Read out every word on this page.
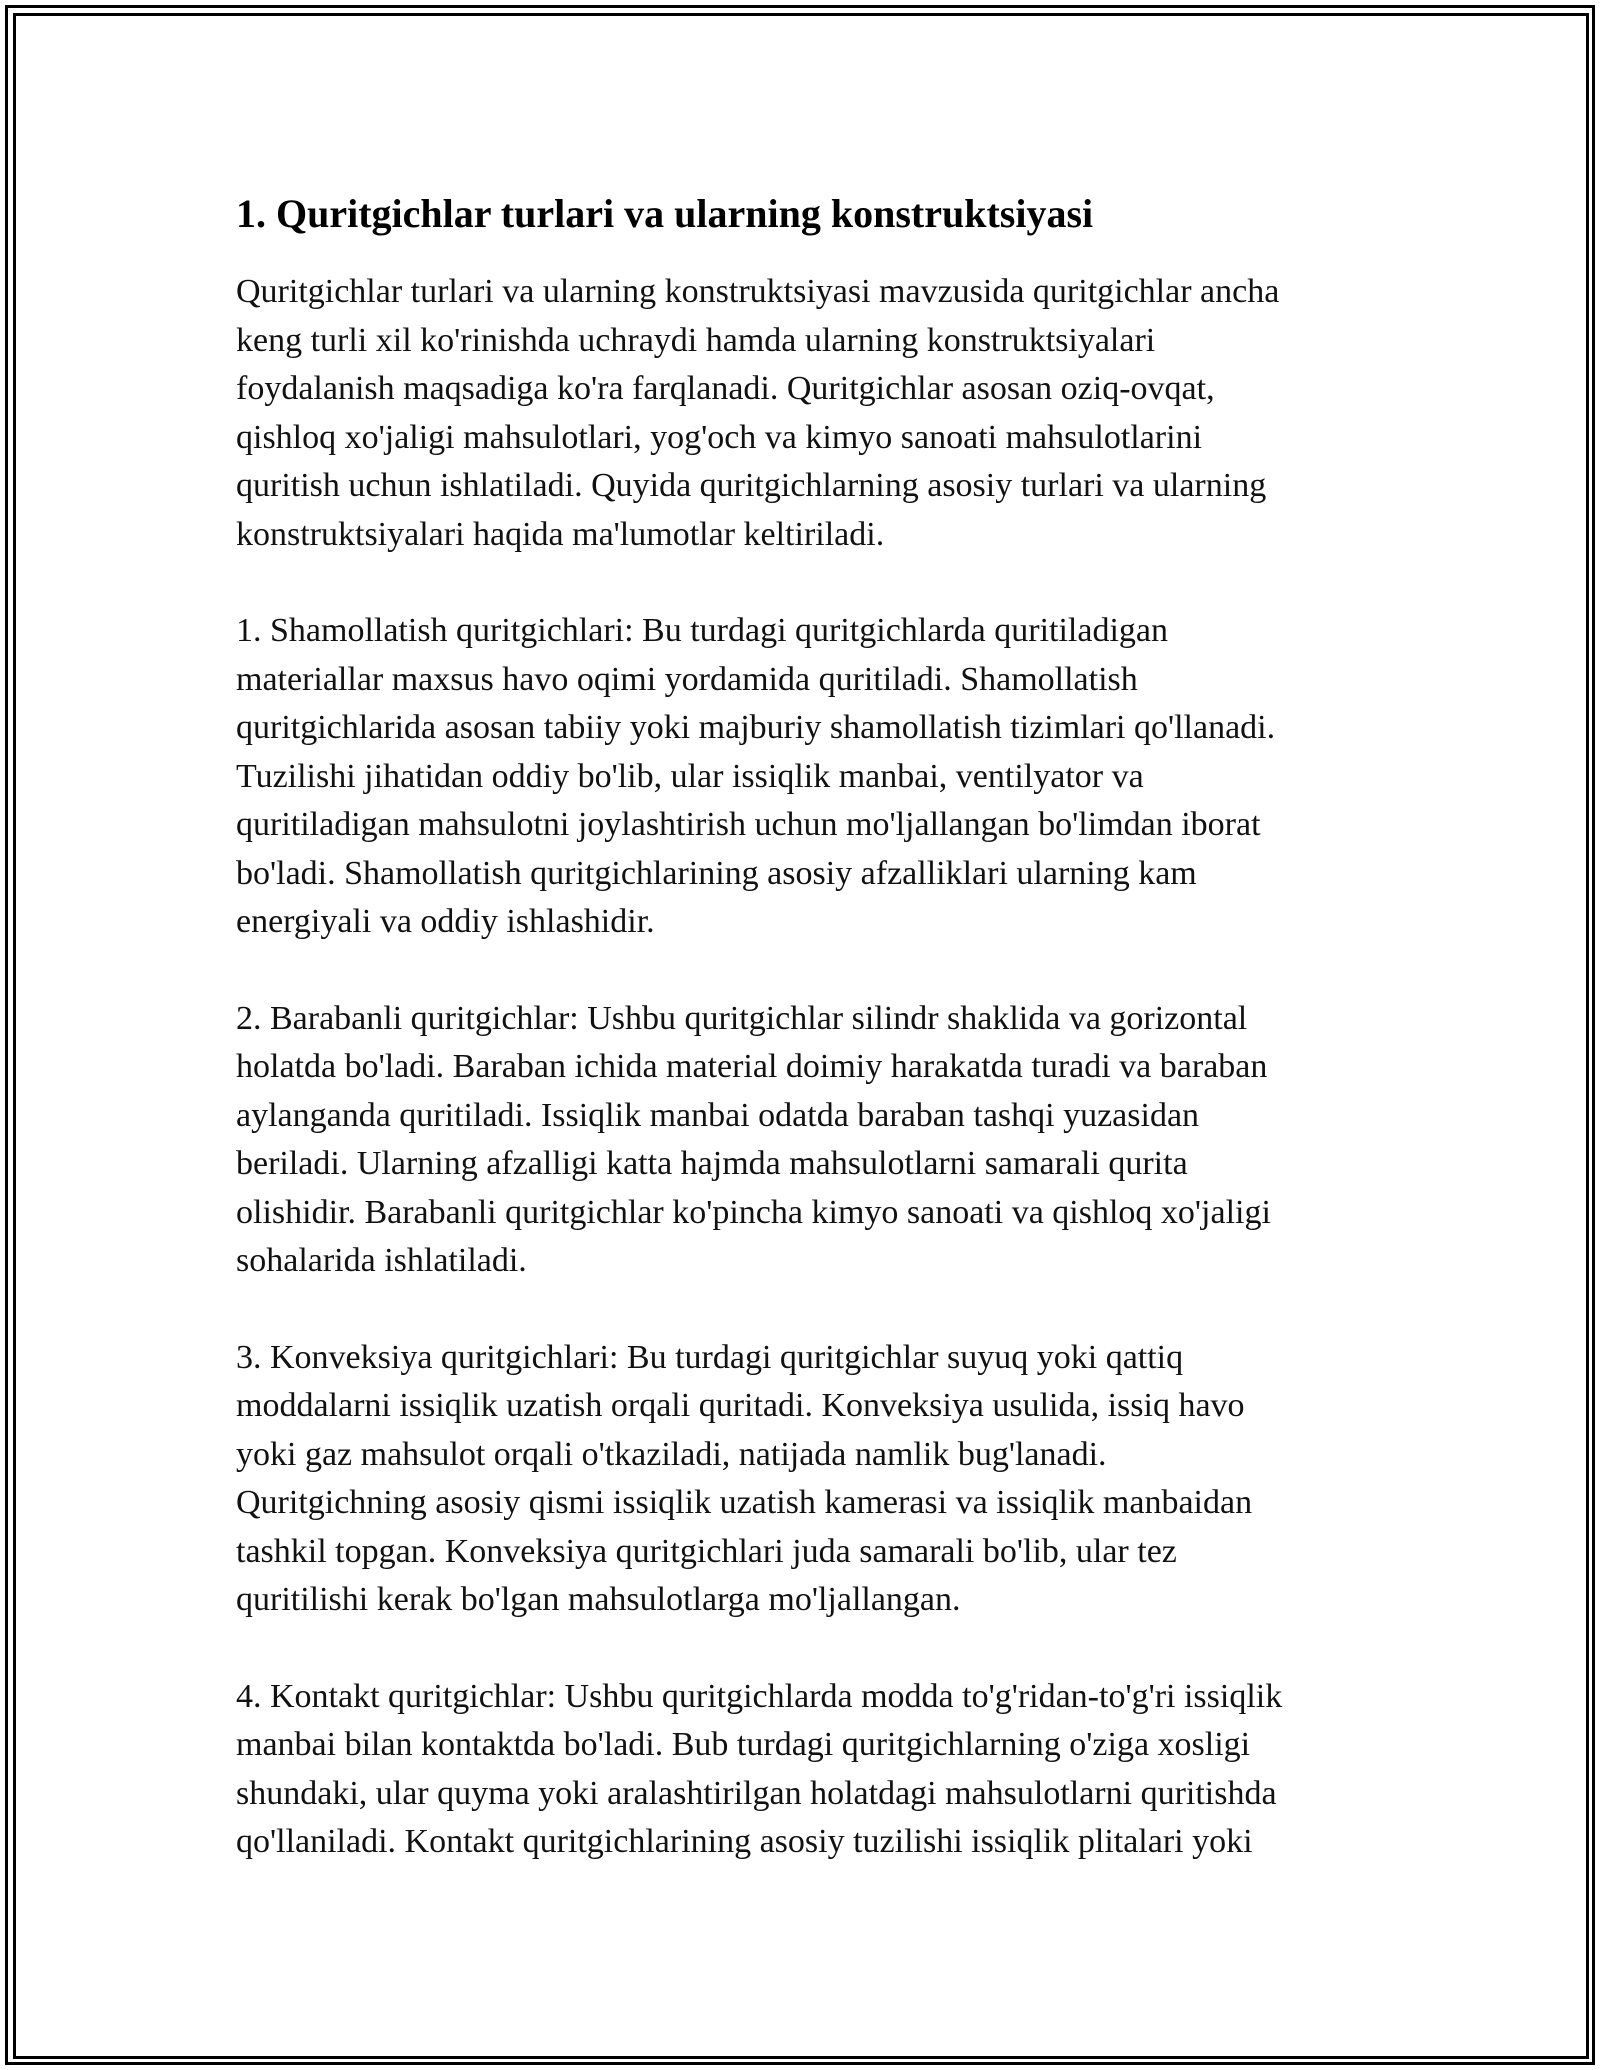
1. Quritgichlar turlari va ularning konstruktsiyasi

Quritgichlar turlari va ularning konstruktsiyasi mavzusida quritgichlar ancha
keng turli xil ko'rinishda uchraydi hamda ularning konstruktsiyalari
foydalanish maqsadiga ko'ra farqlanadi. Quritgichlar asosan oziq-ovqat,
qishloq xo'jaligi mahsulotlari, yog'och va kimyo sanoati mahsulotlarini
quritish uchun ishlatiladi. Quyida quritgichlarning asosiy turlari va ularning
konstruktsiyalari haqida ma'lumotlar keltiriladi.

1. Shamollatish quritgichlari: Bu turdagi quritgichlarda quritiladigan
materiallar maxsus havo oqimi yordamida quritiladi. Shamollatish
quritgichlarida asosan tabiiy yoki majburiy shamollatish tizimlari qo'llanadi.
Tuzilishi jihatidan oddiy bo'lib, ular issiqlik manbai, ventilyator va
quritiladigan mahsulotni joylashtirish uchun mo'ljallangan bo'limdan iborat
bo'ladi. Shamollatish quritgichlarining asosiy afzalliklari ularning kam
energiyali va oddiy ishlashidir.

2. Barabanli quritgichlar: Ushbu quritgichlar silindr shaklida va gorizontal
holatda bo'ladi. Baraban ichida material doimiy harakatda turadi va baraban
aylanganda quritiladi. Issiqlik manbai odatda baraban tashqi yuzasidan
beriladi. Ularning afzalligi katta hajmda mahsulotlarni samarali qurita
olishidir. Barabanli quritgichlar ko'pincha kimyo sanoati va qishloq xo'jaligi
sohalarida ishlatiladi.

3. Konveksiya quritgichlari: Bu turdagi quritgichlar suyuq yoki qattiq
moddalarni issiqlik uzatish orqali quritadi. Konveksiya usulida, issiq havo
yoki gaz mahsulot orqali o'tkaziladi, natijada namlik bug'lanadi.
Quritgichning asosiy qismi issiqlik uzatish kamerasi va issiqlik manbaidan
tashkil topgan. Konveksiya quritgichlari juda samarali bo'lib, ular tez
quritilishi kerak bo'lgan mahsulotlarga mo'ljallangan.

4. Kontakt quritgichlar: Ushbu quritgichlarda modda to'g'ridan-to'g'ri issiqlik
manbai bilan kontaktda bo'ladi. Bub turdagi quritgichlarning o'ziga xosligi
shundaki, ular quyma yoki aralashtirilgan holatdagi mahsulotlarni quritishda
qo'llaniladi. Kontakt quritgichlarining asosiy tuzilishi issiqlik plitalari yoki
